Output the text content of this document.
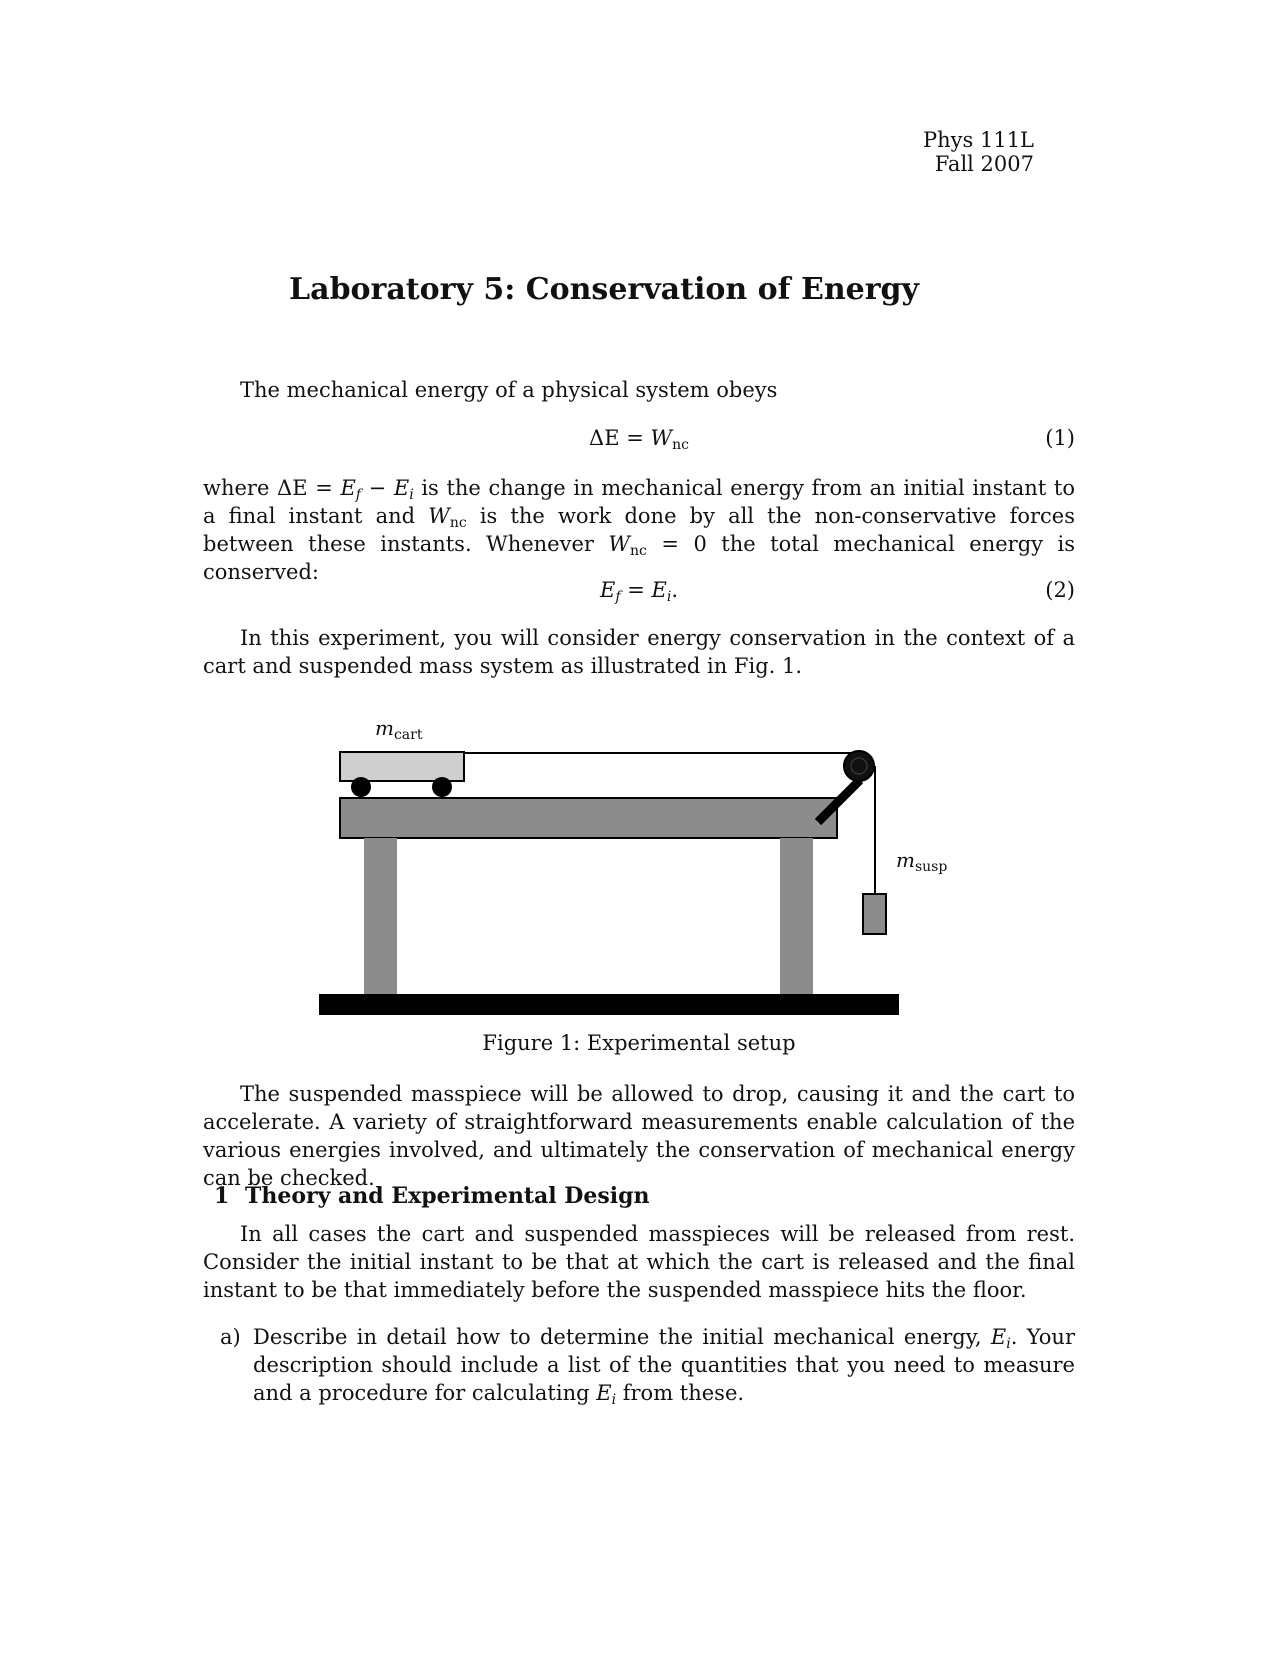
Phys 111L
Fall 2007
Laboratory 5: Conservation of Energy
The mechanical energy of a physical system obeys
$\Delta E = W_{nc}$	(1)
where $\Delta E = E_f - E_i$ is the change in mechanical energy from an initial instant to a final instant and $W_{nc}$ is the work done by all the non-conservative forces between these instants. Whenever $W_{nc} = 0$ the total mechanical energy is conserved:
$E_f = E_i$.	(2)
In this experiment, you will consider energy conservation in the context of a cart and suspended mass system as illustrated in Fig. 1.
$m_{cart}$
$m_{susp}$
Figure 1: Experimental setup
The suspended masspiece will be allowed to drop, causing it and the cart to accelerate. A variety of straightforward measurements enable calculation of the various energies involved, and ultimately the conservation of mechanical energy can be checked.
1 Theory and Experimental Design
In all cases the cart and suspended masspieces will be released from rest. Consider the initial instant to be that at which the cart is released and the final instant to be that immediately before the suspended masspiece hits the floor.
a) Describe in detail how to determine the initial mechanical energy, $E_i$. Your description should include a list of the quantities that you need to measure and a procedure for calculating $E_i$ from these.
